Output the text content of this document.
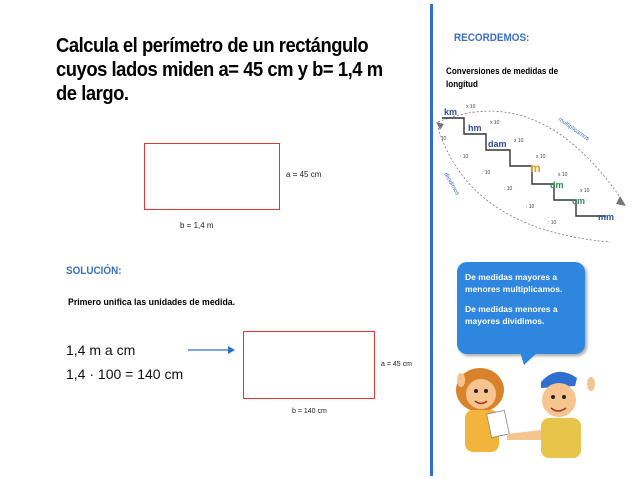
Calcula el perímetro de un rectángulo cuyos lados miden a= 45 cm y b= 1,4 m de largo.
a = 45 cm
b = 1,4 m
SOLUCIÓN:
Primero unifica las unidades de medida.
1,4 m a cm
1,4 · 100 = 140 cm
a = 45 cm
b = 140 cm
RECORDEMOS:
Conversiones de medidas de longitud
multiplicamos
dividimos
km
hm
dam
m
dm
cm
mm
x 10
x 10
x 10
x 10
x 10
x 10
: 10
: 10
: 10
: 10
: 10
: 10

De medidas mayores a menores multiplicamos.

De medidas menores a mayores dividimos.
